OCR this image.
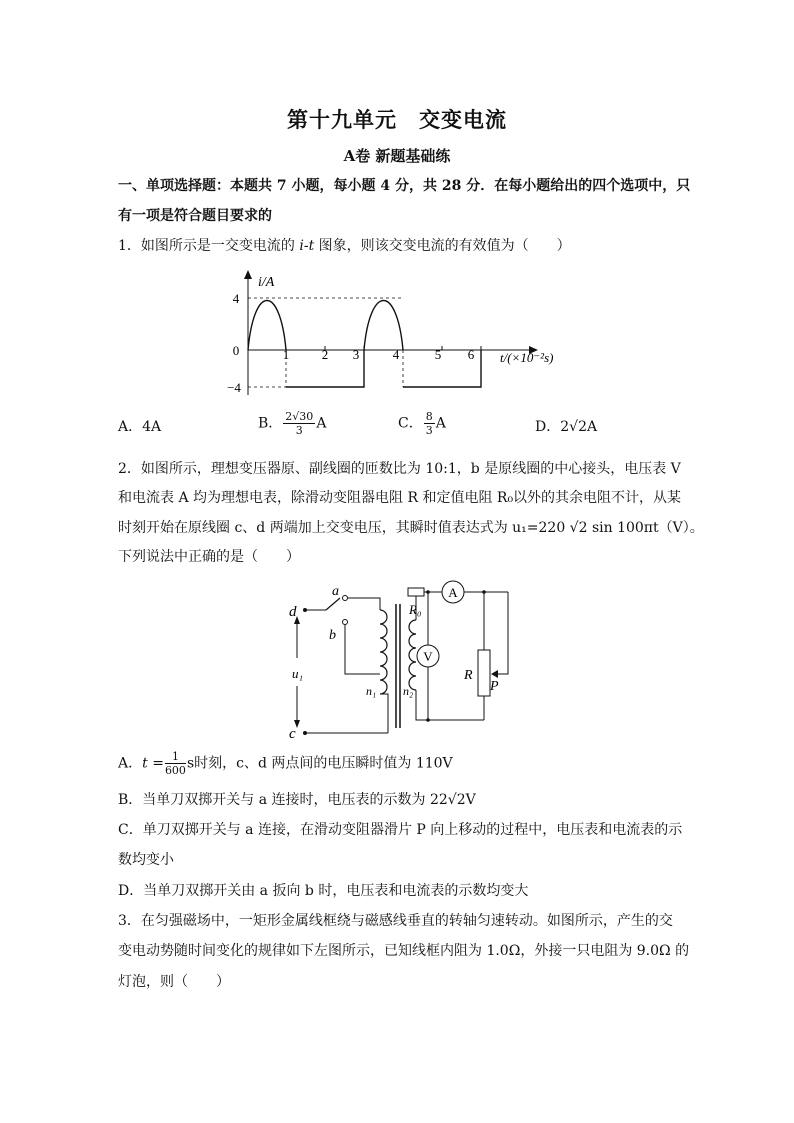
第十九单元　交变电流
A卷 新题基础练
一、单项选择题：本题共 7 小题，每小题 4 分，共 28 分．在每小题给出的四个选项中，只
有一项是符合题目要求的
1．如图所示是一交变电流的 i-t 图象，则该交变电流的有效值为（　　）
i/A
4
0
−4
1	2 3	4	5 6 t/(×10⁻²s)
A．4A	B． $\frac{2√30}{3}$ A	C． $\frac{8}{3}$ A	D．2√2A
2．如图所示，理想变压器原、副线圈的匝数比为 10:1，b 是原线圈的中心接头，电压表 V
和电流表 A 均为理想电表，除滑动变阻器电阻 R 和定值电阻 R₀以外的其余电阻不计，从某
时刻开始在原线圈 c、d 两端加上交变电压，其瞬时值表达式为 u₁=220 √2 sin 100πt（V）。
下列说法中正确的是（　　）
d
a
b
c
u₁
n₁ n₂
R₀
A
V
R
P
A．$t = \frac{1}{600}$ s时刻，c、d 两点间的电压瞬时值为 110V
B．当单刀双掷开关与 a 连接时，电压表的示数为 22√2V
C．单刀双掷开关与 a 连接，在滑动变阻器滑片 P 向上移动的过程中，电压表和电流表的示
数均变小
D．当单刀双掷开关由 a 扳向 b 时，电压表和电流表的示数均变大
3．在匀强磁场中，一矩形金属线框绕与磁感线垂直的转轴匀速转动。如图所示，产生的交
变电动势随时间变化的规律如下左图所示，已知线框内阻为 1.0Ω，外接一只电阻为 9.0Ω 的
灯泡，则（　　）
